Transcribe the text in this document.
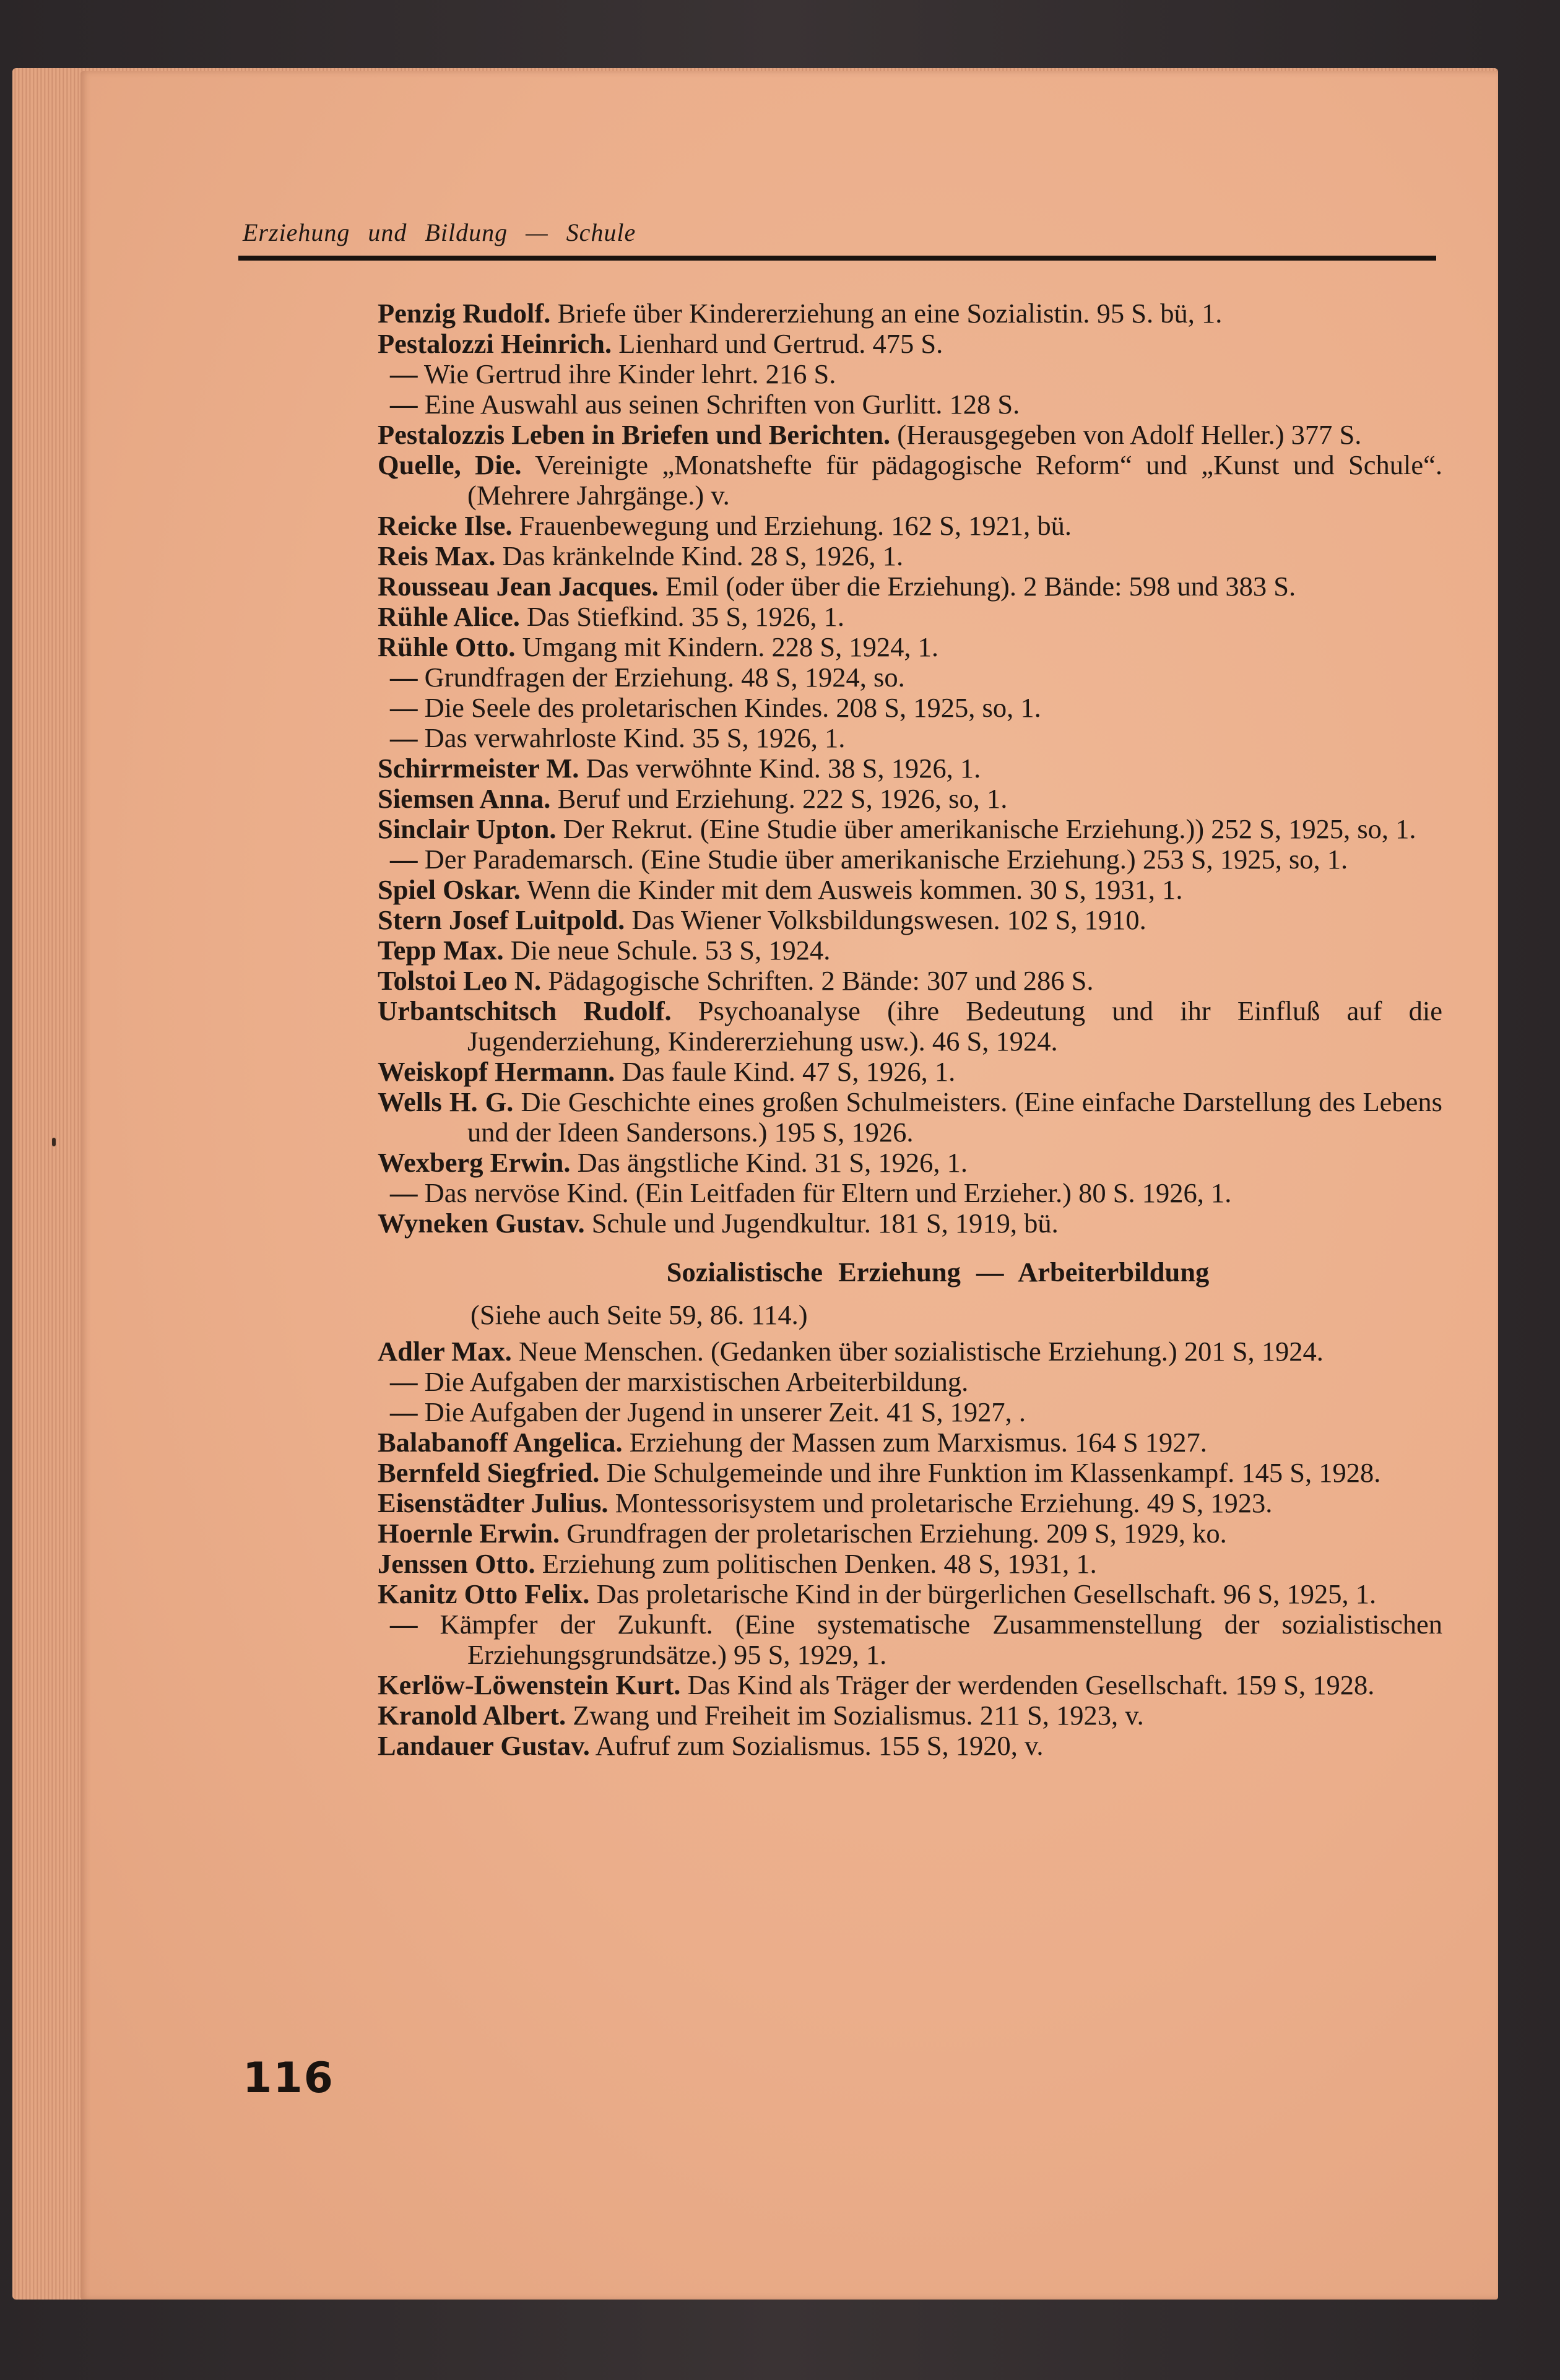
Erziehung und Bildung — Schule
Penzig Rudolf. Briefe über Kindererziehung an eine Sozialistin. 95 S. bü, 1.
Pestalozzi Heinrich. Lienhard und Gertrud. 475 S.
— Wie Gertrud ihre Kinder lehrt. 216 S.
— Eine Auswahl aus seinen Schriften von Gurlitt. 128 S.
Pestalozzis Leben in Briefen und Berichten. (Herausgegeben von Adolf Heller.) 377 S.
Quelle, Die. Vereinigte „Monatshefte für pädagogische Reform“ und „Kunst und Schule“. (Mehrere Jahrgänge.) v.
Reicke Ilse. Frauenbewegung und Erziehung. 162 S, 1921, bü.
Reis Max. Das kränkelnde Kind. 28 S, 1926, 1.
Rousseau Jean Jacques. Emil (oder über die Erziehung). 2 Bände: 598 und 383 S.
Rühle Alice. Das Stiefkind. 35 S, 1926, 1.
Rühle Otto. Umgang mit Kindern. 228 S, 1924, 1.
— Grundfragen der Erziehung. 48 S, 1924, so.
— Die Seele des proletarischen Kindes. 208 S, 1925, so, 1.
— Das verwahrloste Kind. 35 S, 1926, 1.
Schirrmeister M. Das verwöhnte Kind. 38 S, 1926, 1.
Siemsen Anna. Beruf und Erziehung. 222 S, 1926, so, 1.
Sinclair Upton. Der Rekrut. (Eine Studie über amerikanische Erziehung.)) 252 S, 1925, so, 1.
— Der Parademarsch. (Eine Studie über amerikanische Erziehung.) 253 S, 1925, so, 1.
Spiel Oskar. Wenn die Kinder mit dem Ausweis kommen. 30 S, 1931, 1.
Stern Josef Luitpold. Das Wiener Volksbildungswesen. 102 S, 1910.
Tepp Max. Die neue Schule. 53 S, 1924.
Tolstoi Leo N. Pädagogische Schriften. 2 Bände: 307 und 286 S.
Urbantschitsch Rudolf. Psychoanalyse (ihre Bedeutung und ihr Einfluß auf die Jugenderziehung, Kindererziehung usw.). 46 S, 1924.
Weiskopf Hermann. Das faule Kind. 47 S, 1926, 1.
Wells H. G. Die Geschichte eines großen Schulmeisters. (Eine einfache Darstellung des Lebens und der Ideen Sandersons.) 195 S, 1926.
Wexberg Erwin. Das ängstliche Kind. 31 S, 1926, 1.
— Das nervöse Kind. (Ein Leitfaden für Eltern und Erzieher.) 80 S. 1926, 1.
Wyneken Gustav. Schule und Jugendkultur. 181 S, 1919, bü.
Sozialistische Erziehung — Arbeiterbildung
(Siehe auch Seite 59, 86. 114.)
Adler Max. Neue Menschen. (Gedanken über sozialistische Erziehung.) 201 S, 1924.
— Die Aufgaben der marxistischen Arbeiterbildung.
— Die Aufgaben der Jugend in unserer Zeit. 41 S, 1927, .
Balabanoff Angelica. Erziehung der Massen zum Marxismus. 164 S 1927.
Bernfeld Siegfried. Die Schulgemeinde und ihre Funktion im Klassenkampf. 145 S, 1928.
Eisenstädter Julius. Montessorisystem und proletarische Erziehung. 49 S, 1923.
Hoernle Erwin. Grundfragen der proletarischen Erziehung. 209 S, 1929, ko.
Jenssen Otto. Erziehung zum politischen Denken. 48 S, 1931, 1.
Kanitz Otto Felix. Das proletarische Kind in der bürgerlichen Gesellschaft. 96 S, 1925, 1.
— Kämpfer der Zukunft. (Eine systematische Zusammenstellung der sozialistischen Erziehungsgrundsätze.) 95 S, 1929, 1.
Kerlöw-Löwenstein Kurt. Das Kind als Träger der werdenden Gesellschaft. 159 S, 1928.
Kranold Albert. Zwang und Freiheit im Sozialismus. 211 S, 1923, v.
Landauer Gustav. Aufruf zum Sozialismus. 155 S, 1920, v.
116
